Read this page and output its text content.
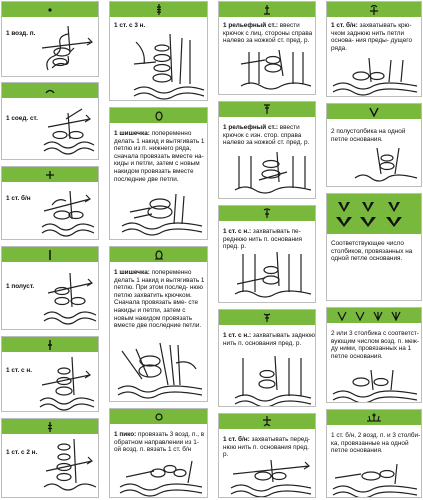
1 возд. п.
1 соед. ст.
1 ст. б/н
1 полуст.
1 ст. с н.
1 ст. с 2 н.
1 ст. с 3 н.
1 шишечка: попеременно делать 1 накид и вытягивать 1 петлю из п. нижнего ряда, сначала провязать вместе на- киды и петли, затем с новым накидом провязать вместе последние две петли.
1 шишечка: попеременно делать 1 накид и вытягивать 1 петлю. При этом послед- нюю петлю захватить крючком. Сначала провязать вме- сте накиды и петли, затем с новым накидом провязать вместе две последние петли.
1 пико: провязать 3 возд. п., в обратном направлении из 1-ой возд. п. вязать 1 ст. б/н
1 рельефный ст.: ввести крючок с лиц. стороны справа налево за ножкой ст. пред. р.
1 рельефный ст.: ввести крючок с изн. стор. справа налево за ножкой ст. пред. р.
1 ст. с н.: захватывать пе- реднюю нить п. основания пред. р.
1 ст. с н.: захватывать заднюю нить п. основания пред. р.
1 ст. б/н: захватывать перед- нюю нить п. основания пред. р.
1 ст. б/н: захватывать крю- чком заднюю нить петли основа- ния преды- дущего ряда.
2 полустолбика на одной петле основания.
Соответствующее число столбиков, провязанных на одной петле основания.
2 или 3 столбика с соответст- вующим числом возд. п. меж- ду ними, провязанных на 1 петле основания.
1 ст. б/н, 2 возд. п. и 3 столби- ка, провязанные на одной петле основания.
